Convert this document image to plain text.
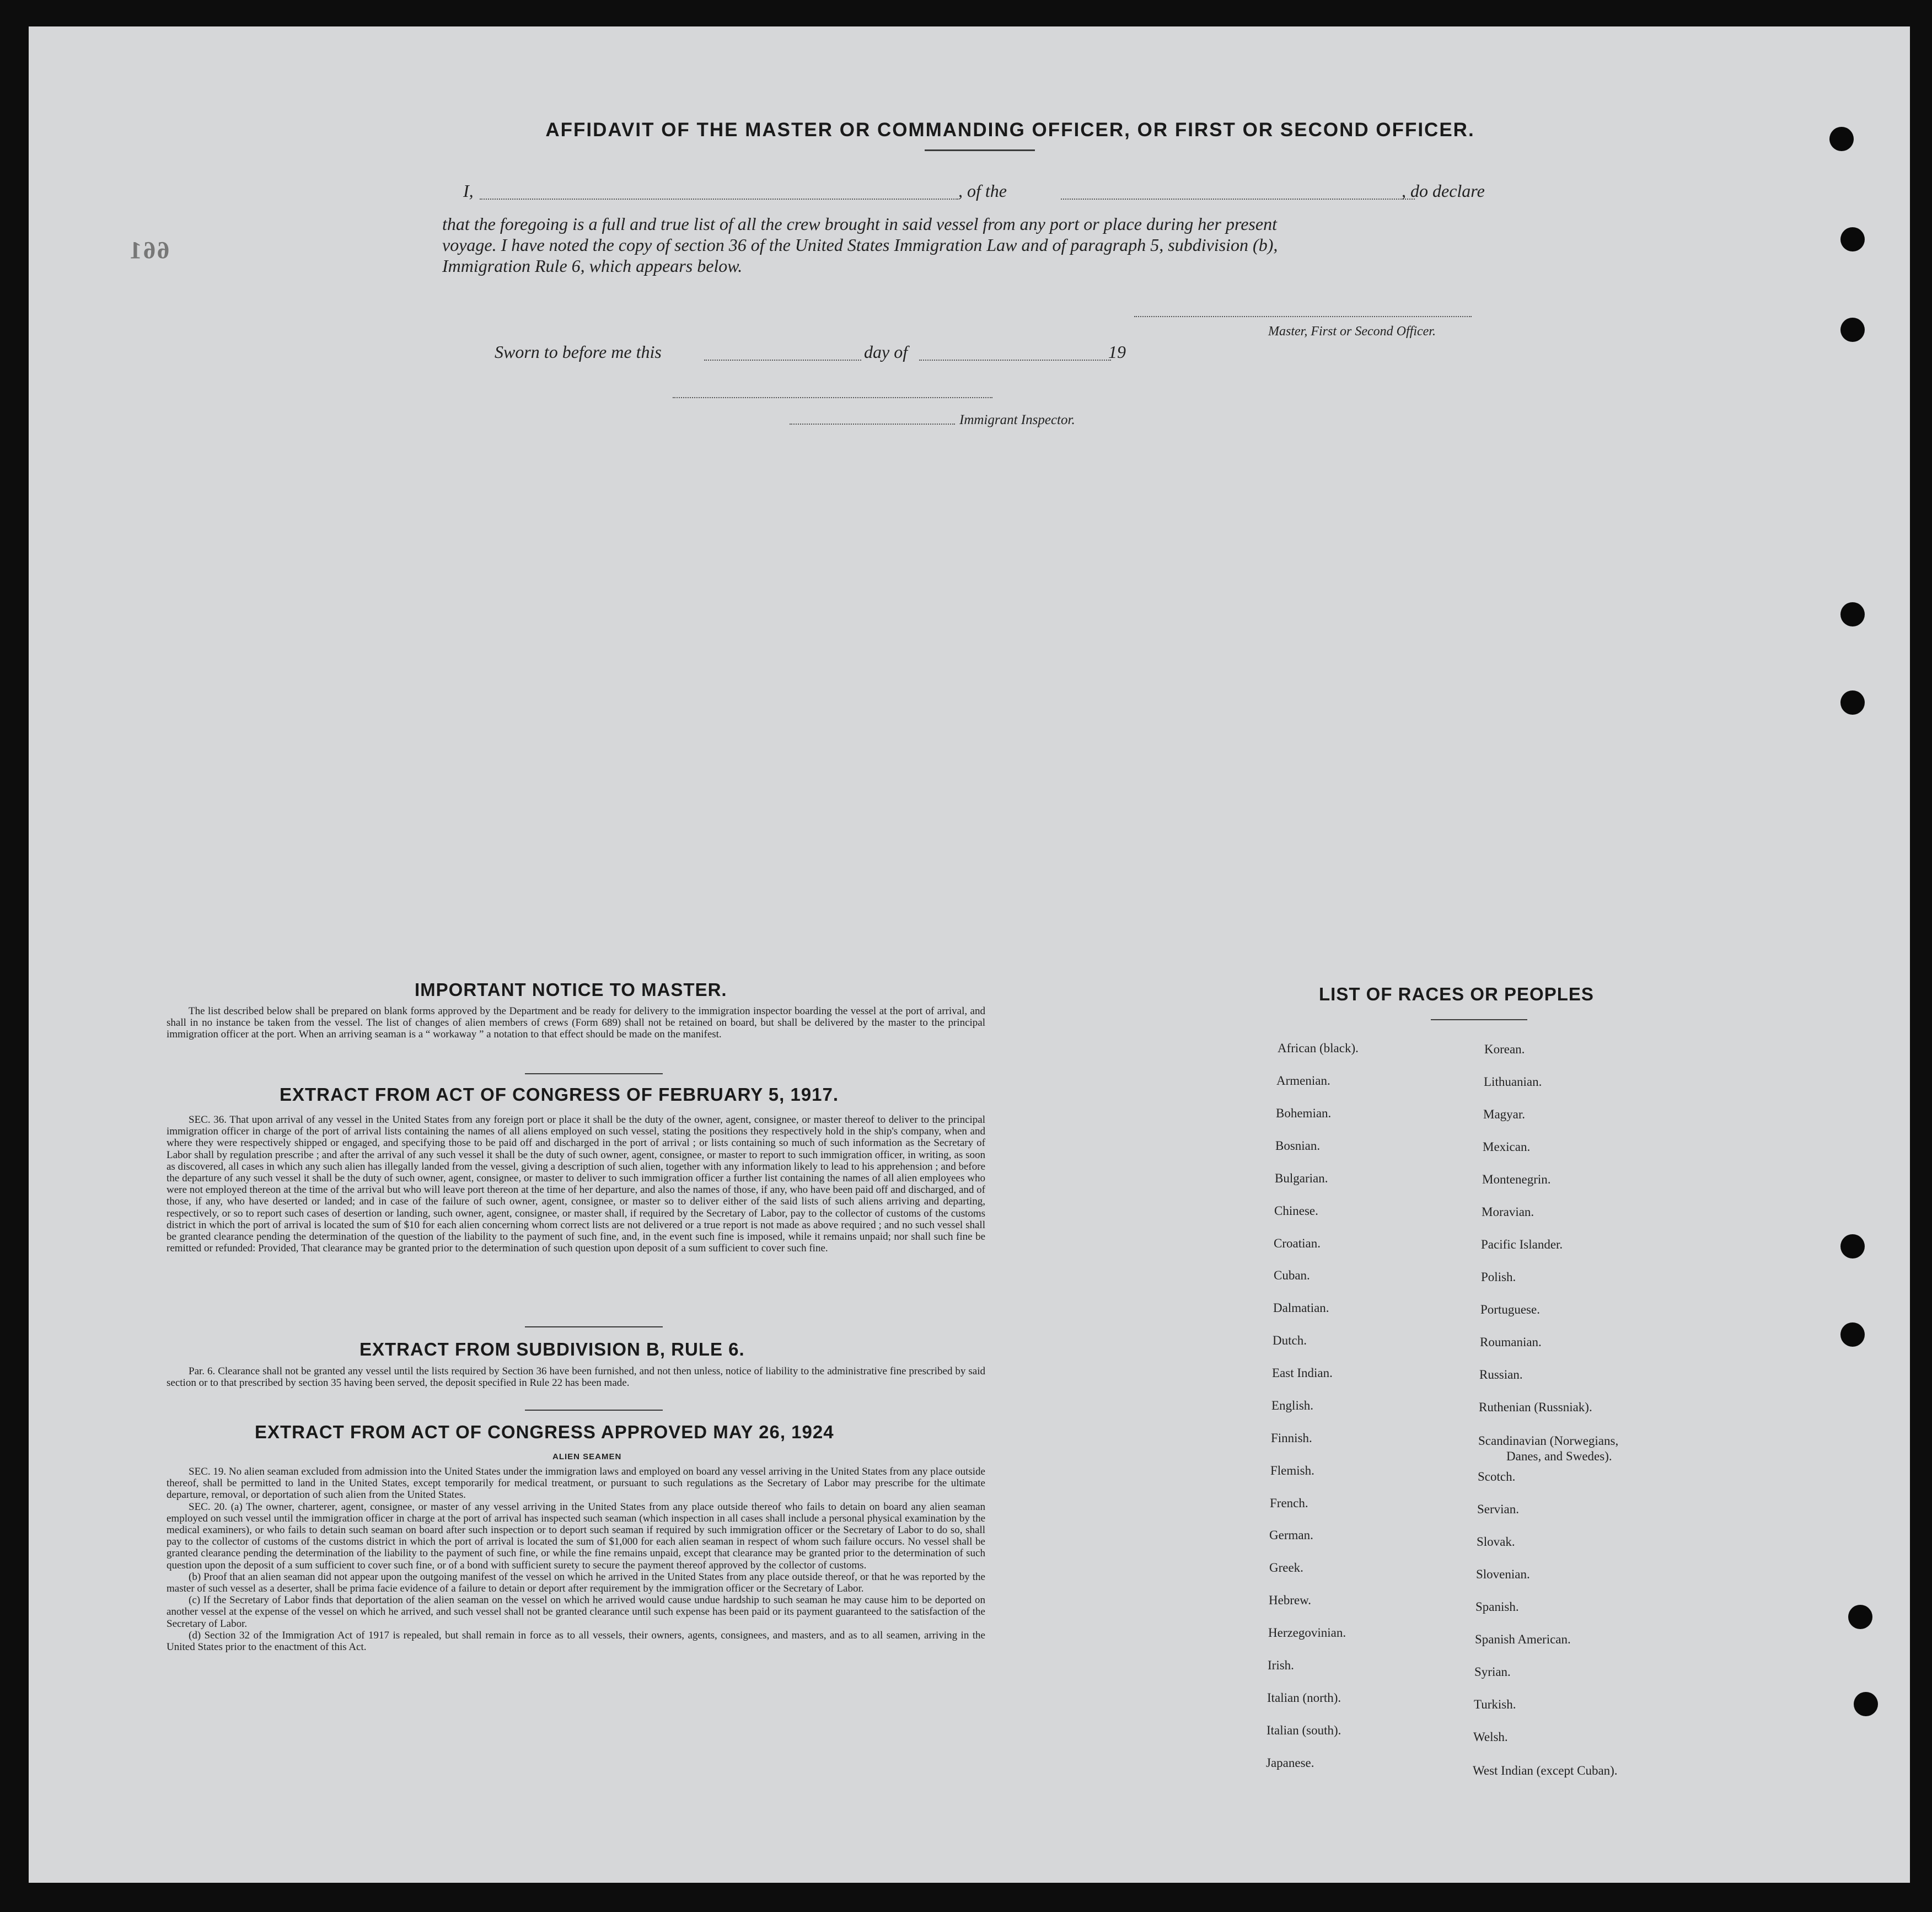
AFFIDAVIT OF THE MASTER OR COMMANDING OFFICER, OR FIRST OR SECOND OFFICER.
I,	, of the	, do declare
that the foregoing is a full and true list of all the crew brought in said vessel from any port or place during her present
voyage. I have noted the copy of section 36 of the United States Immigration Law and of paragraph 5, subdivision (b),
Immigration Rule 6, which appears below.
Master, First or Second Officer.
Sworn to before me this	day of	19
Immigrant Inspector.
661
IMPORTANT NOTICE TO MASTER.

The list described below shall be prepared on blank forms approved by the Department and be ready for delivery to the immigration inspector boarding the vessel at the port of arrival, and shall in no instance be taken from the vessel. The list of changes of alien members of crews (Form 689) shall not be retained on board, but shall be delivered by the master to the principal immigration officer at the port. When an arriving seaman is a “ workaway ” a notation to that effect should be made on the manifest.

EXTRACT FROM ACT OF CONGRESS OF FEBRUARY 5, 1917.

SEC. 36. That upon arrival of any vessel in the United States from any foreign port or place it shall be the duty of the owner, agent, consignee, or master thereof to deliver to the principal immigration officer in charge of the port of arrival lists containing the names of all aliens employed on such vessel, stating the positions they respectively hold in the ship's company, when and where they were respectively shipped or engaged, and specifying those to be paid off and discharged in the port of arrival ; or lists containing so much of such information as the Secretary of Labor shall by regulation prescribe ; and after the arrival of any such vessel it shall be the duty of such owner, agent, consignee, or master to report to such immigration officer, in writing, as soon as discovered, all cases in which any such alien has illegally landed from the vessel, giving a description of such alien, together with any information likely to lead to his apprehension ; and before the departure of any such vessel it shall be the duty of such owner, agent, consignee, or master to deliver to such immigration officer a further list containing the names of all alien employees who were not employed thereon at the time of the arrival but who will leave port thereon at the time of her departure, and also the names of those, if any, who have been paid off and discharged, and of those, if any, who have deserted or landed; and in case of the failure of such owner, agent, consignee, or master so to deliver either of the said lists of such aliens arriving and departing, respectively, or so to report such cases of desertion or landing, such owner, agent, consignee, or master shall, if required by the Secretary of Labor, pay to the collector of customs of the customs district in which the port of arrival is located the sum of $10 for each alien concerning whom correct lists are not delivered or a true report is not made as above required ; and no such vessel shall be granted clearance pending the determination of the question of the liability to the payment of such fine, and, in the event such fine is imposed, while it remains unpaid; nor shall such fine be remitted or refunded: Provided, That clearance may be granted prior to the determination of such question upon deposit of a sum sufficient to cover such fine.

EXTRACT FROM SUBDIVISION B, RULE 6.

Par. 6. Clearance shall not be granted any vessel until the lists required by Section 36 have been furnished, and not then unless, notice of liability to the administrative fine prescribed by said section or to that prescribed by section 35 having been served, the deposit specified in Rule 22 has been made.

EXTRACT FROM ACT OF CONGRESS APPROVED MAY 26, 1924
ALIEN SEAMEN

SEC. 19. No alien seaman excluded from admission into the United States under the immigration laws and employed on board any vessel arriving in the United States from any place outside thereof, shall be permitted to land in the United States, except temporarily for medical treatment, or pursuant to such regulations as the Secretary of Labor may prescribe for the ultimate departure, removal, or deportation of such alien from the United States.

SEC. 20. (a) The owner, charterer, agent, consignee, or master of any vessel arriving in the United States from any place outside thereof who fails to detain on board any alien seaman employed on such vessel until the immigration officer in charge at the port of arrival has inspected such seaman (which inspection in all cases shall include a personal physical examination by the medical examiners), or who fails to detain such seaman on board after such inspection or to deport such seaman if required by such immigration officer or the Secretary of Labor to do so, shall pay to the collector of customs of the customs district in which the port of arrival is located the sum of $1,000 for each alien seaman in respect of whom such failure occurs. No vessel shall be granted clearance pending the determination of the liability to the payment of such fine, or while the fine remains unpaid, except that clearance may be granted prior to the determination of such question upon the deposit of a sum sufficient to cover such fine, or of a bond with sufficient surety to secure the payment thereof approved by the collector of customs.

(b) Proof that an alien seaman did not appear upon the outgoing manifest of the vessel on which he arrived in the United States from any place outside thereof, or that he was reported by the master of such vessel as a deserter, shall be prima facie evidence of a failure to detain or deport after requirement by the immigration officer or the Secretary of Labor.

(c) If the Secretary of Labor finds that deportation of the alien seaman on the vessel on which he arrived would cause undue hardship to such seaman he may cause him to be deported on another vessel at the expense of the vessel on which he arrived, and such vessel shall not be granted clearance until such expense has been paid or its payment guaranteed to the satisfaction of the Secretary of Labor.

(d) Section 32 of the Immigration Act of 1917 is repealed, but shall remain in force as to all vessels, their owners, agents, consignees, and masters, and as to all seamen, arriving in the United States prior to the enactment of this Act.

LIST OF RACES OR PEOPLES
African (black).
Armenian.
Bohemian.
Bosnian.
Bulgarian.
Chinese.
Croatian.
Cuban.
Dalmatian.
Dutch.
East Indian.
English.
Finnish.
Flemish.
French.
German.
Greek.
Hebrew.
Herzegovinian.
Irish.
Italian (north).
Italian (south).
Japanese.
Korean.
Lithuanian.
Magyar.
Mexican.
Montenegrin.
Moravian.
Pacific Islander.
Polish.
Portuguese.
Roumanian.
Russian.
Ruthenian (Russniak).
Scandinavian (Norwegians,
Danes, and Swedes).
Scotch.
Servian.
Slovak.
Slovenian.
Spanish.
Spanish American.
Syrian.
Turkish.
Welsh.
West Indian (except Cuban).
